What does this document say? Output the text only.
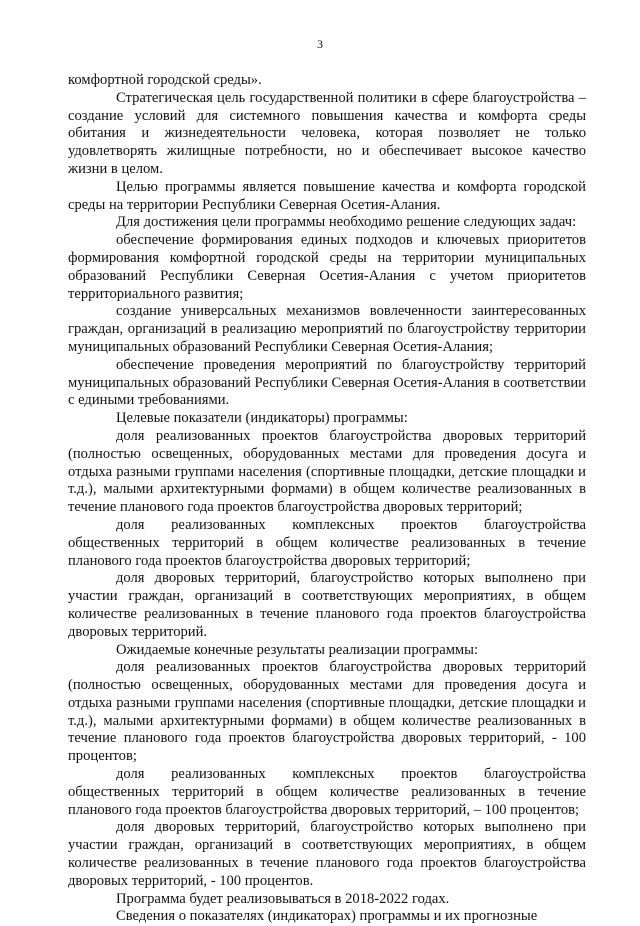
3

комфортной городской среды».

Стратегическая цель государственной политики в сфере благоустройства – создание условий для системного повышения качества и комфорта среды обитания и жизнедеятельности человека, которая позволяет не только удовлетворять жилищные потребности, но и обеспечивает высокое качество жизни в целом.

Целью программы является повышение качества и комфорта городской среды на территории Республики Северная Осетия-Алания.

Для достижения цели программы необходимо решение следующих задач:

обеспечение формирования единых подходов и ключевых приоритетов формирования комфортной городской среды на территории муниципальных образований Республики Северная Осетия-Алания с учетом приоритетов территориального развития;

создание универсальных механизмов вовлеченности заинтересованных граждан, организаций в реализацию мероприятий по благоустройству территории муниципальных образований Республики Северная Осетия-Алания;

обеспечение проведения мероприятий по благоустройству территорий муниципальных образований Республики Северная Осетия-Алания в соответствии с едиными требованиями.

Целевые показатели (индикаторы) программы:

доля реализованных проектов благоустройства дворовых территорий (полностью освещенных, оборудованных местами для проведения досуга и отдыха разными группами населения (спортивные площадки, детские площадки и т.д.), малыми архитектурными формами) в общем количестве реализованных в течение планового года проектов благоустройства дворовых территорий;

доля реализованных комплексных проектов благоустройства общественных территорий в общем количестве реализованных в течение планового года проектов благоустройства дворовых территорий;

доля дворовых территорий, благоустройство которых выполнено при участии граждан, организаций в соответствующих мероприятиях, в общем количестве реализованных в течение планового года проектов благоустройства дворовых территорий.

Ожидаемые конечные результаты реализации программы:

доля реализованных проектов благоустройства дворовых территорий (полностью освещенных, оборудованных местами для проведения досуга и отдыха разными группами населения (спортивные площадки, детские площадки и т.д.), малыми архитектурными формами) в общем количестве реализованных в течение планового года проектов благоустройства дворовых территорий, - 100 процентов;

доля реализованных комплексных проектов благоустройства общественных территорий в общем количестве реализованных в течение планового года проектов благоустройства дворовых территорий, – 100 процентов;

доля дворовых территорий, благоустройство которых выполнено при участии граждан, организаций в соответствующих мероприятиях, в общем количестве реализованных в течение планового года проектов благоустройства дворовых территорий, - 100 процентов.

Программа будет реализовываться в 2018-2022 годах.

Сведения о показателях (индикаторах) программы и их прогнозные
